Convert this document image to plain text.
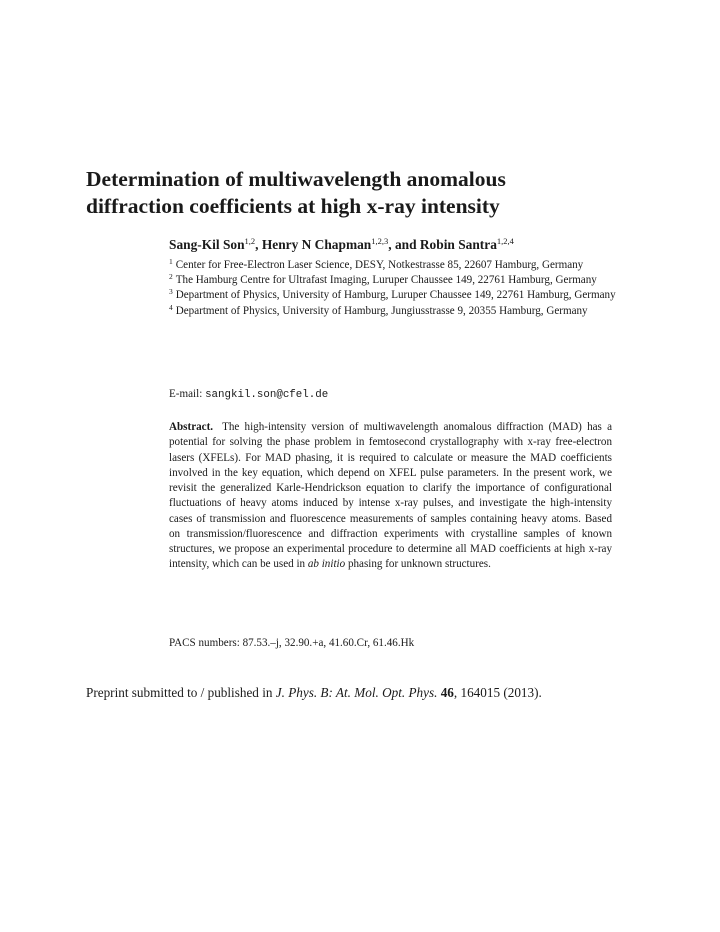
Determination of multiwavelength anomalous
diffraction coefficients at high x-ray intensity
Sang-Kil Son$^{1,2}$, Henry N Chapman$^{1,2,3}$, and Robin Santra$^{1,2,4}$
$^1$ Center for Free-Electron Laser Science, DESY, Notkestrasse 85, 22607 Hamburg, Germany
$^2$ The Hamburg Centre for Ultrafast Imaging, Luruper Chaussee 149, 22761 Hamburg, Germany
$^3$ Department of Physics, University of Hamburg, Luruper Chaussee 149, 22761 Hamburg, Germany
$^4$ Department of Physics, University of Hamburg, Jungiusstrasse 9, 20355 Hamburg, Germany
E-mail: sangkil.son@cfel.de

Abstract. The high-intensity version of multiwavelength anomalous diffraction (MAD) has a potential for solving the phase problem in femtosecond crystallography with x-ray free-electron lasers (XFELs). For MAD phasing, it is required to calculate or measure the MAD coefficients involved in the key equation, which depend on XFEL pulse parameters. In the present work, we revisit the generalized Karle-Hendrickson equation to clarify the importance of configurational fluctuations of heavy atoms induced by intense x-ray pulses, and investigate the high-intensity cases of transmission and fluorescence measurements of samples containing heavy atoms. Based on transmission/fluorescence and diffraction experiments with crystalline samples of known structures, we propose an experimental procedure to determine all MAD coefficients at high x-ray intensity, which can be used in ab initio phasing for unknown structures.

PACS numbers: 87.53.–j, 32.90.+a, 41.60.Cr, 61.46.Hk
Preprint submitted to / published in J. Phys. B: At. Mol. Opt. Phys. 46, 164015 (2013).
